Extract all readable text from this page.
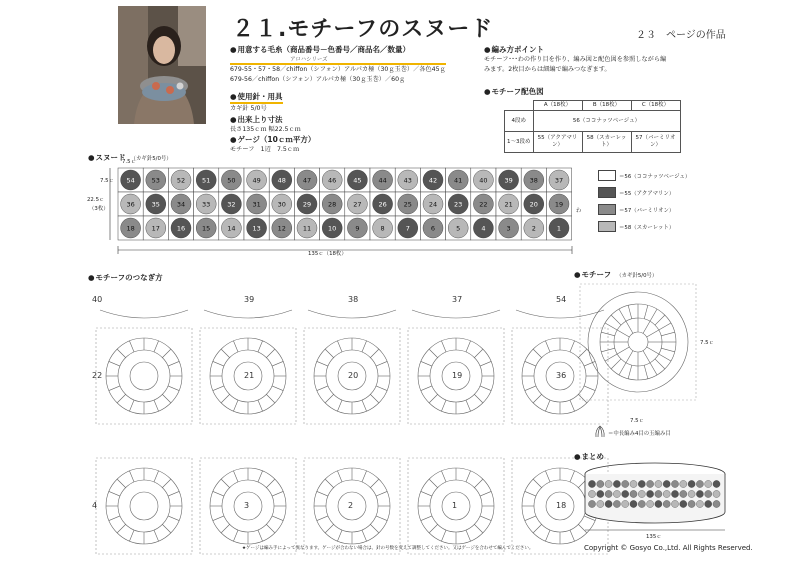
２１.モチーフのスヌード	２３　ページの作品
● 用意する毛糸（商品番号－色番号／商品名／数量）
アロハシリーズ
679-55・57・58／chiffon（シフォン）アルパカ極（30ｇ玉巻）／各色45ｇ
679-56／chiffon（シフォン）アルパカ極（30ｇ玉巻）／60ｇ
● 使用針・用具
カギ針 5/0号
● 出来上り寸法
長さ135ｃｍ 幅22.5ｃｍ
● ゲージ（10ｃｍ平方）
モチーフ　1辺　7.5ｃｍ
● 編み方ポイント
モチーフ･･･わの作り目を作り、編み図と配色図を参照しながら編
みます。2枚目からは細編で編みつなぎます。
● モチーフ配色図
	A（18枚）	B（18枚）	C（18枚）
4段め	56（ココナッツベージュ）		
1〜3段め	55（アクアマリン）	58（スカーレット）	57（バーミリオン）
● スヌード （カギ針5/0号）
7.5ｃ
7.5ｃ
22.5ｃ
（3枚）
135ｃ（18枚）
わ
54	53	52	51	50	49	48	47	46	45	44	43	42	41	40	39	38	37
36	35	34	33	32	31	30	29	28	27	26	25	24	23	22	21	20	19
18	17	16	15	14	13	12	11	10	9	8	7	6	5	4	3	2	1
＝56（ココナッツベージュ）
＝55（アクアマリン）
＝57（バーミリオン）
＝58（スカーレット）
● モチーフのつなぎ方
40	39	38	37	54
22	21	20	19	36
4	3	2	1	18
● モチーフ （カギ針5/0号）
7.5ｃ
7.5ｃ
＝中長編み4目の玉編み目
● まとめ
135ｃ
★ゲージは編み手によって異なります。ゲージが合わない場合は、針の号数を変えて調整してください。又はゲージを合わせて編んでください。	Copyright © Gosyo Co.,Ltd. All Rights Reserved.
